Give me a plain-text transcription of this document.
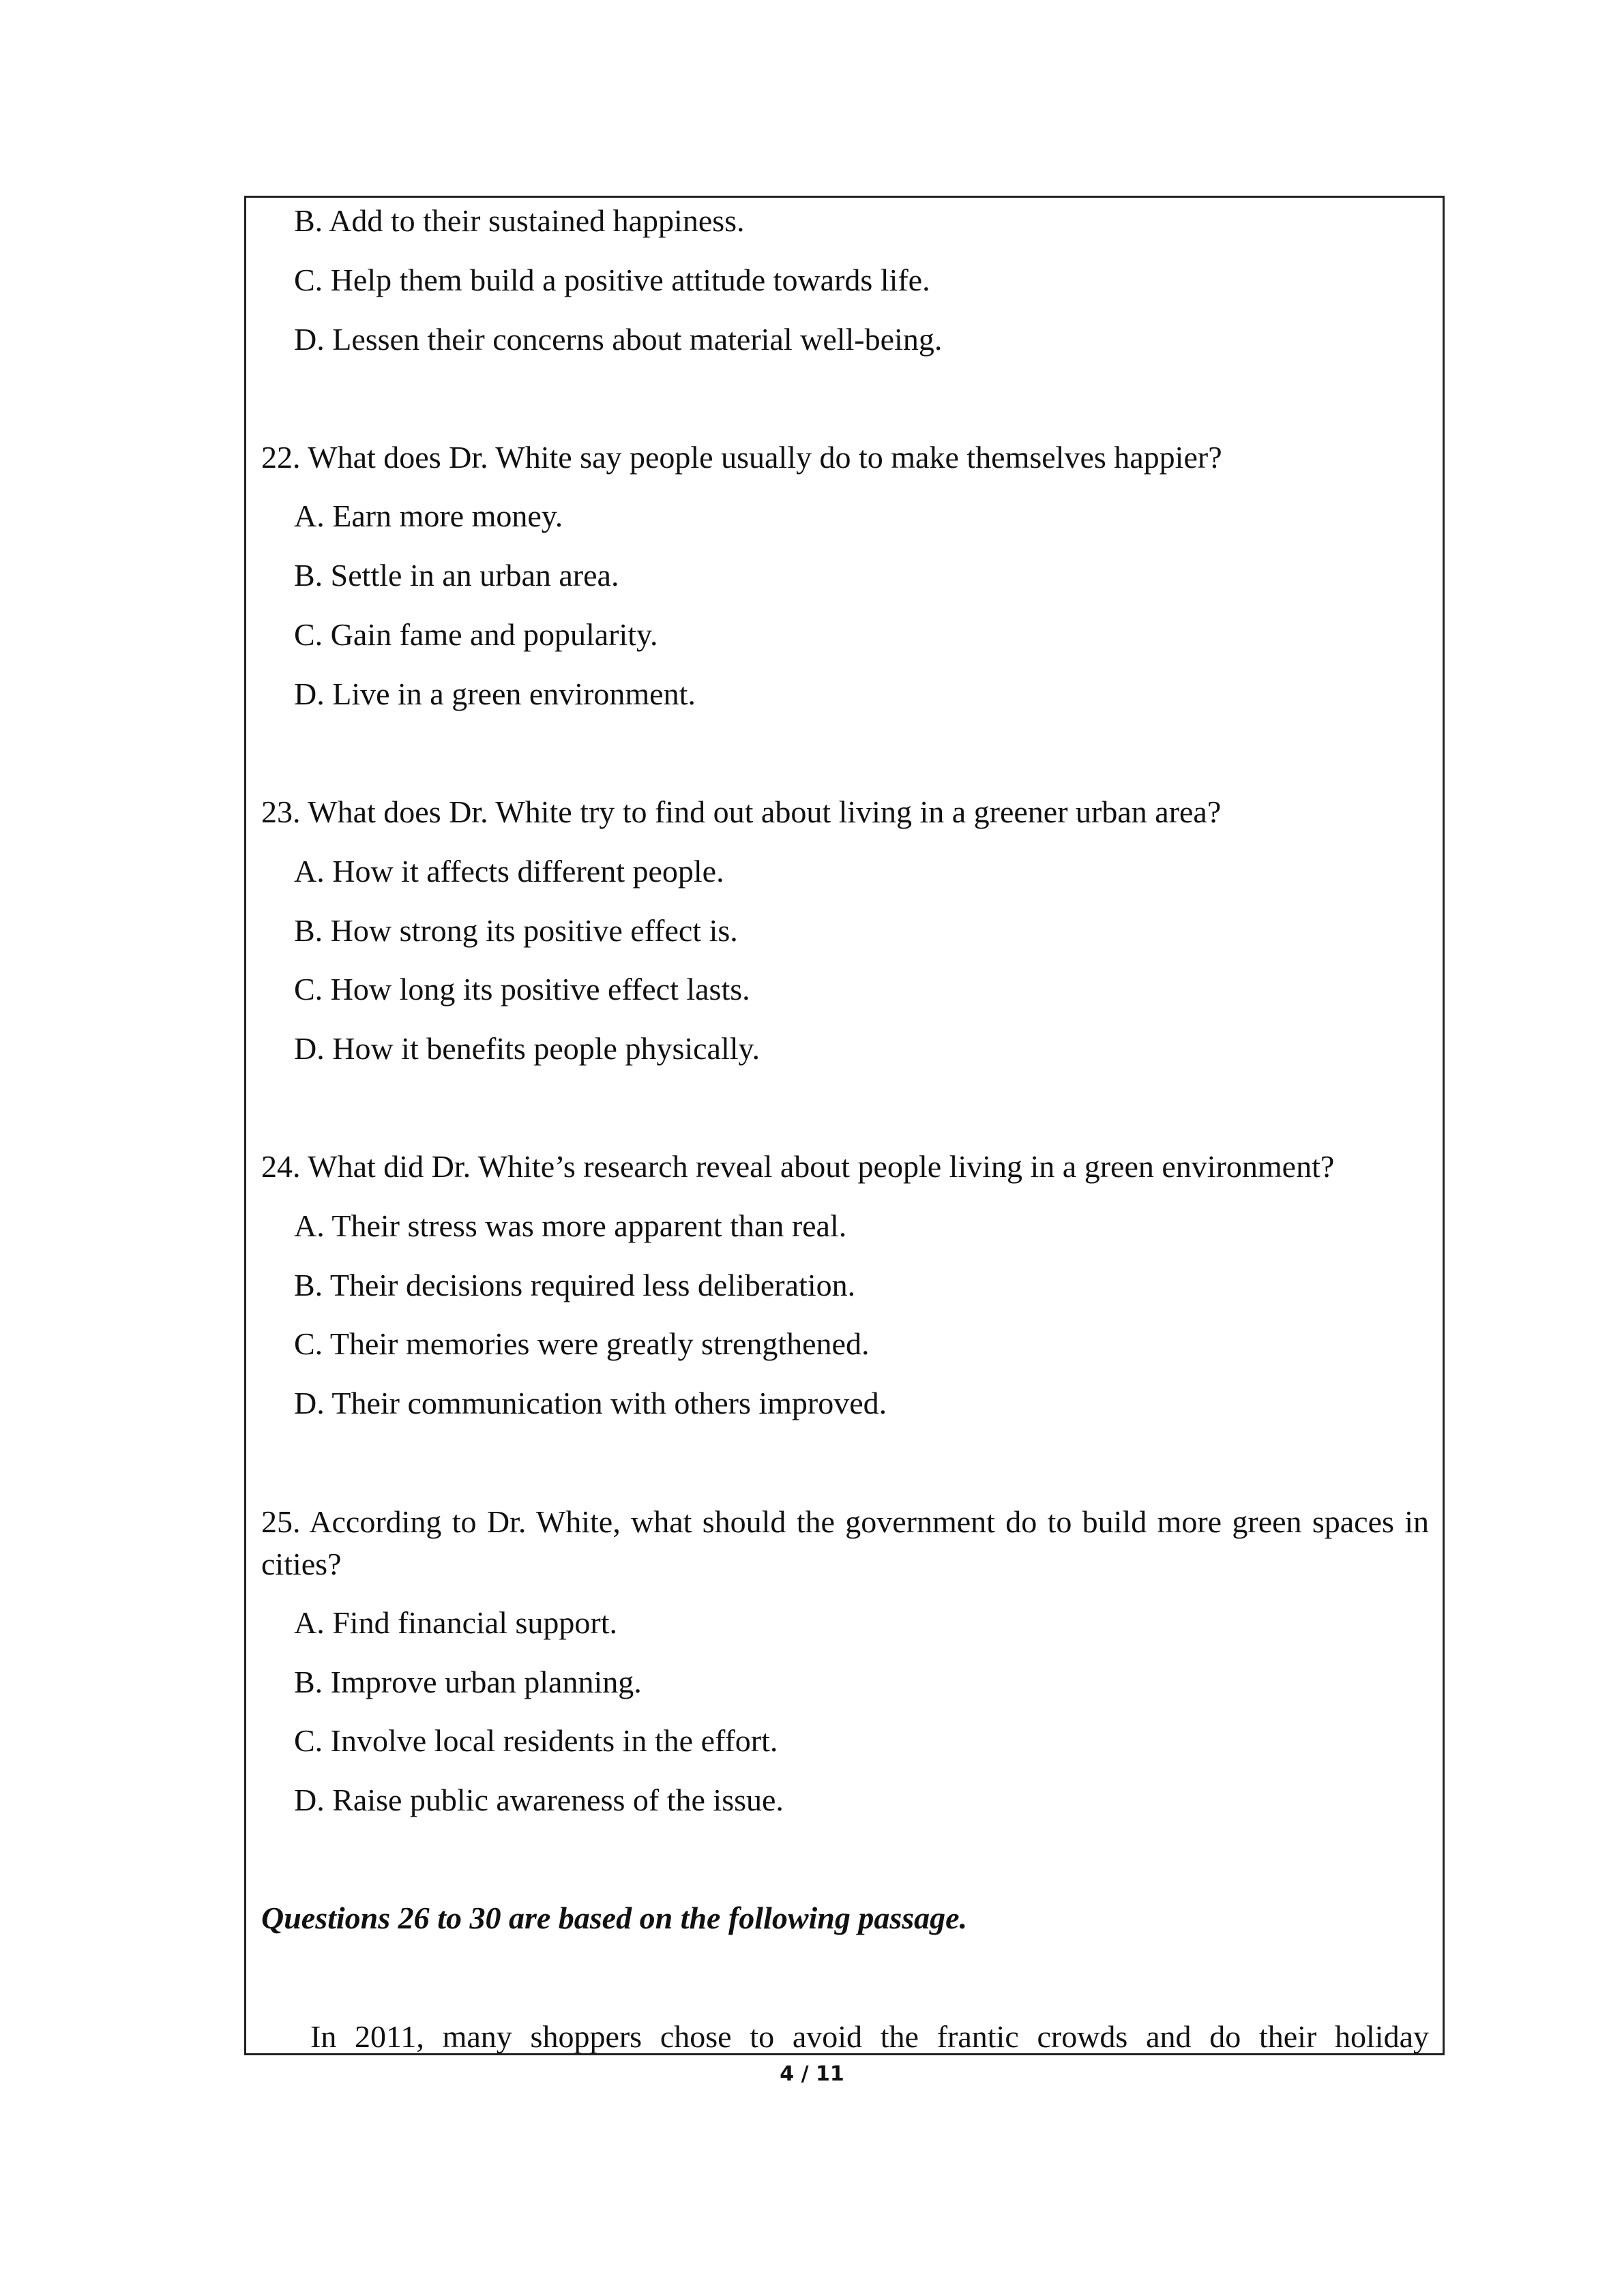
B. Add to their sustained happiness.
C. Help them build a positive attitude towards life.
D. Lessen their concerns about material well-being.
22. What does Dr. White say people usually do to make themselves happier?
A. Earn more money.
B. Settle in an urban area.
C. Gain fame and popularity.
D. Live in a green environment.
23. What does Dr. White try to find out about living in a greener urban area?
A. How it affects different people.
B. How strong its positive effect is.
C. How long its positive effect lasts.
D. How it benefits people physically.
24. What did Dr. White’s research reveal about people living in a green environment?
A. Their stress was more apparent than real.
B. Their decisions required less deliberation.
C. Their memories were greatly strengthened.
D. Their communication with others improved.
25. According to Dr. White, what should the government do to build more green spaces in cities?
A. Find financial support.
B. Improve urban planning.
C. Involve local residents in the effort.
D. Raise public awareness of the issue.
Questions 26 to 30 are based on the following passage.
In 2011, many shoppers chose to avoid the frantic crowds and do their holiday
4 / 11
